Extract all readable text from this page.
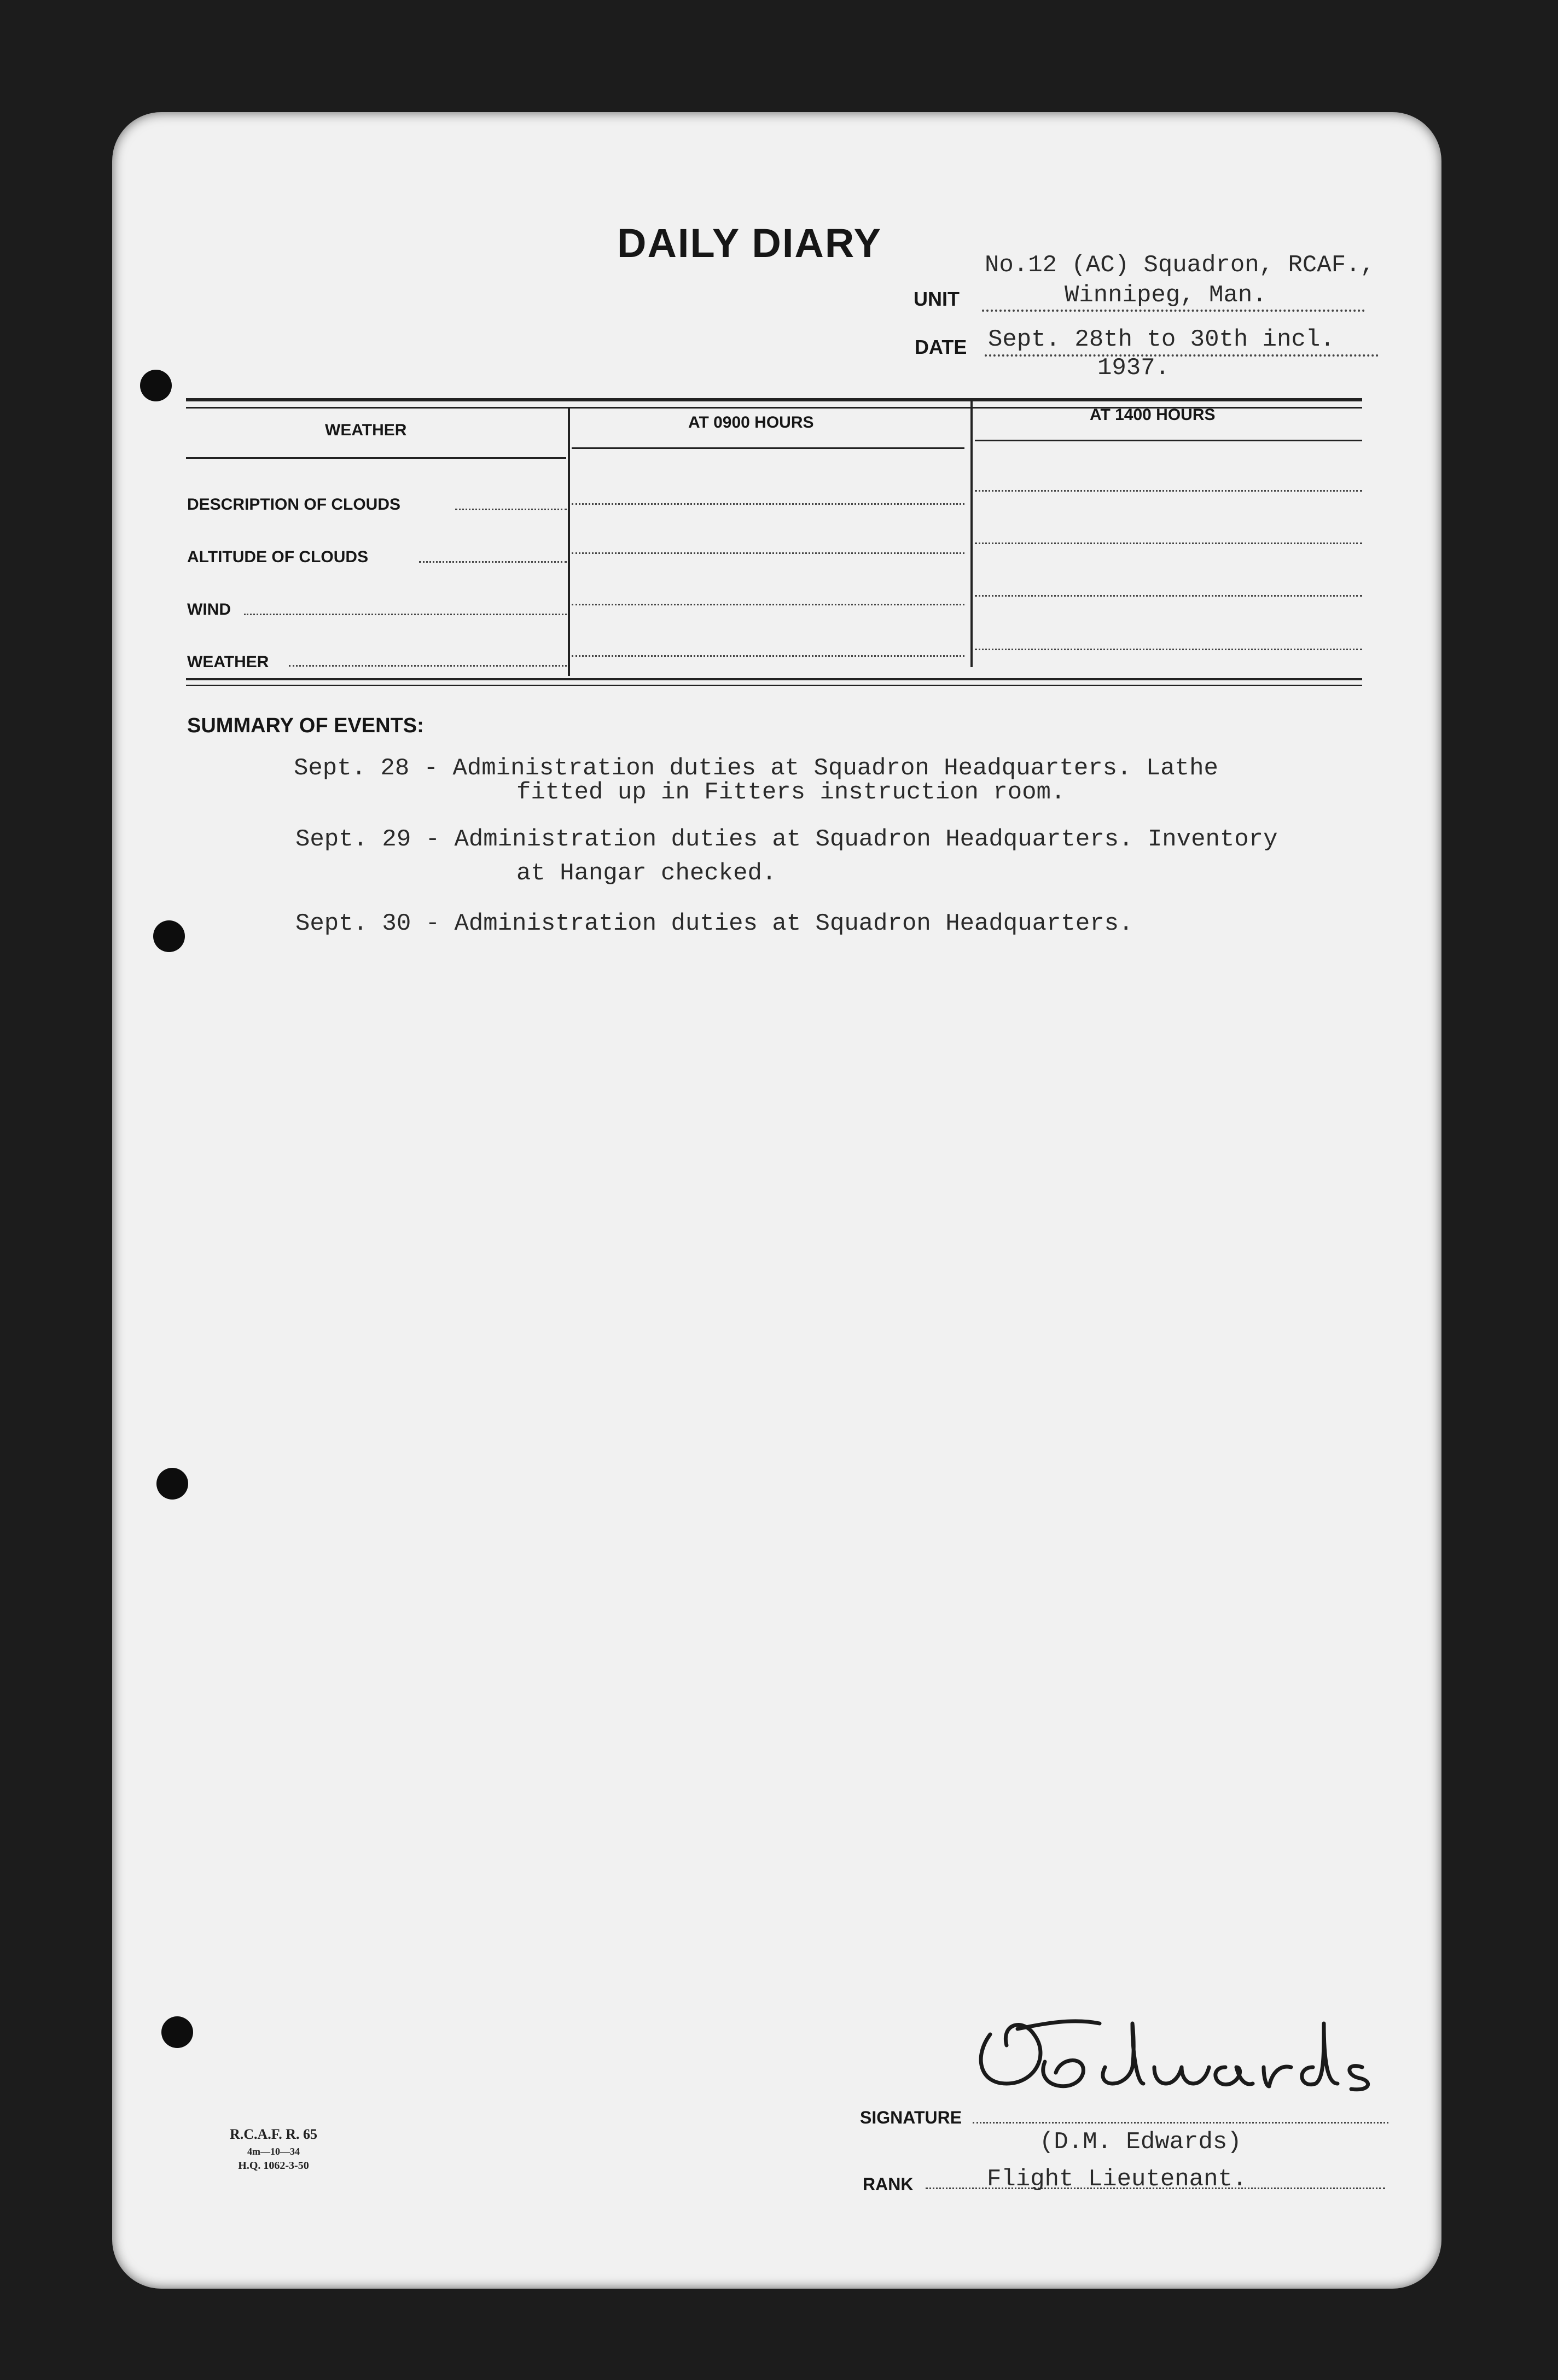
DAILY DIARY	No.12 (AC) Squadron, RCAF.,
UNIT	Winnipeg, Man.
DATE Sept. 28th to 30th incl.
1937.
WEATHER	AT 0900 HOURS	AT 1400 HOURS
DESCRIPTION OF CLOUDS
ALTITUDE OF CLOUDS
WIND
WEATHER
SUMMARY OF EVENTS:
Sept. 28 - Administration duties at Squadron Headquarters. Lathe
fitted up in Fitters instruction room.
Sept. 29 - Administration duties at Squadron Headquarters. Inventory
at Hangar checked.
Sept. 30 - Administration duties at Squadron Headquarters.
SIGNATURE
(D.M. Edwards)
RANK	Flight Lieutenant.
R.C.A.F. R. 65
4m—10—34
H.Q. 1062-3-50
